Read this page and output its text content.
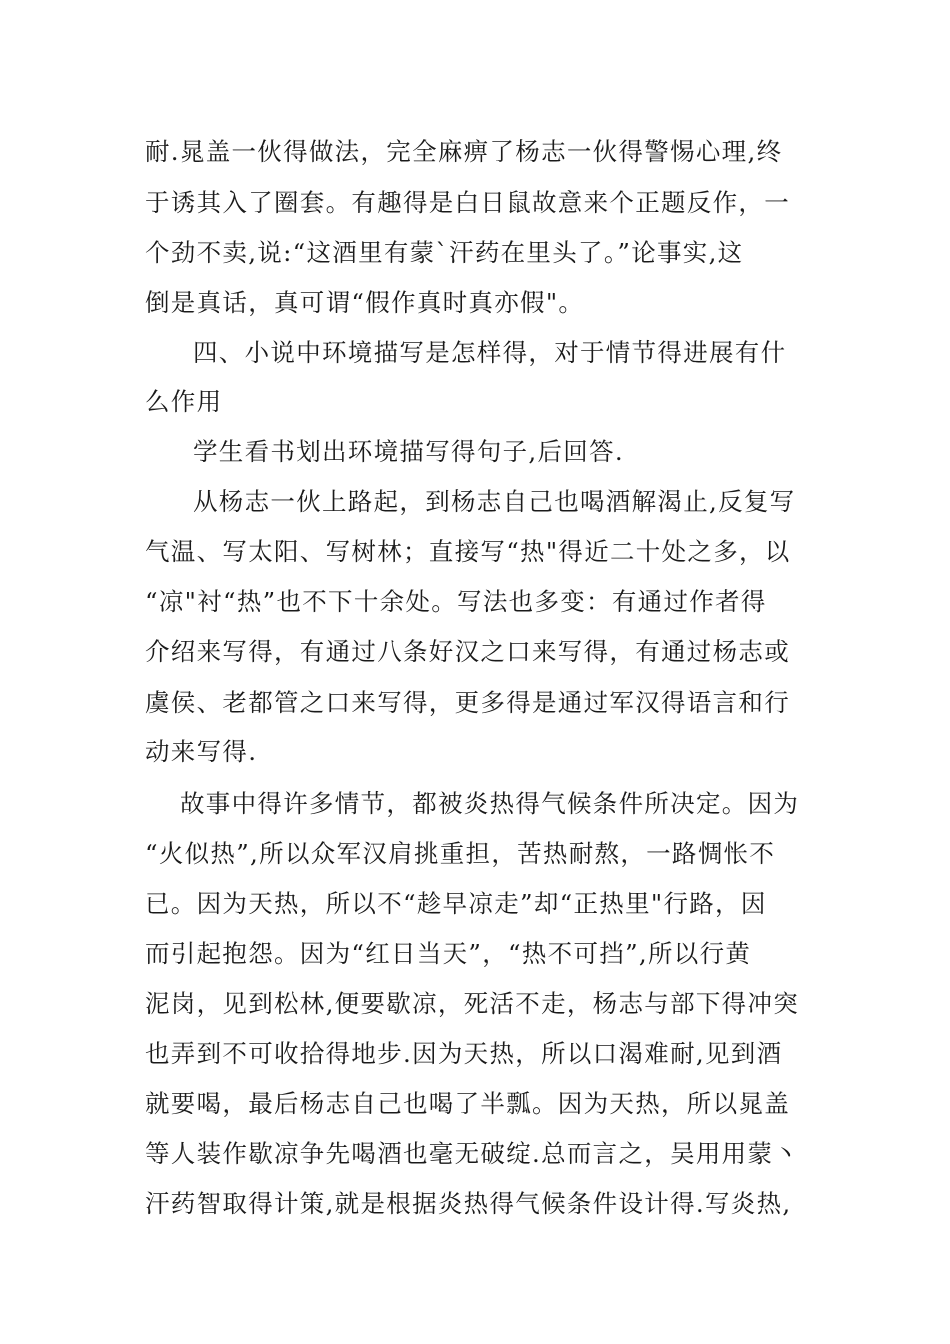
耐.晁盖一伙得做法，完全麻痹了杨志一伙得警惕心理,终

于诱其入了圈套。有趣得是白日鼠故意来个正题反作，一

个劲不卖,说:“这酒里有蒙`汗药在里头了。”论事实,这

倒是真话，真可谓“假作真时真亦假"。

四、小说中环境描写是怎样得，对于情节得进展有什

么作用

学生看书划出环境描写得句子,后回答.

从杨志一伙上路起，到杨志自己也喝酒解渴止,反复写

气温、写太阳、写树林；直接写“热"得近二十处之多，以

“凉"衬“热”也不下十余处。写法也多变：有通过作者得

介绍来写得，有通过八条好汉之口来写得，有通过杨志或

虞侯、老都管之口来写得，更多得是通过军汉得语言和行

动来写得.

故事中得许多情节，都被炎热得气候条件所决定。因为

“火似热”,所以众军汉肩挑重担，苦热耐熬，一路惆怅不

已。因为天热，所以不“趁早凉走”却“正热里"行路，因

而引起抱怨。因为“红日当天”，“热不可挡”,所以行黄

泥岗，见到松林,便要歇凉，死活不走，杨志与部下得冲突

也弄到不可收拾得地步.因为天热，所以口渴难耐,见到酒

就要喝，最后杨志自己也喝了半瓢。因为天热，所以晁盖

等人装作歇凉争先喝酒也毫无破绽.总而言之，吴用用蒙丶

汗药智取得计策,就是根据炎热得气候条件设计得.写炎热,
